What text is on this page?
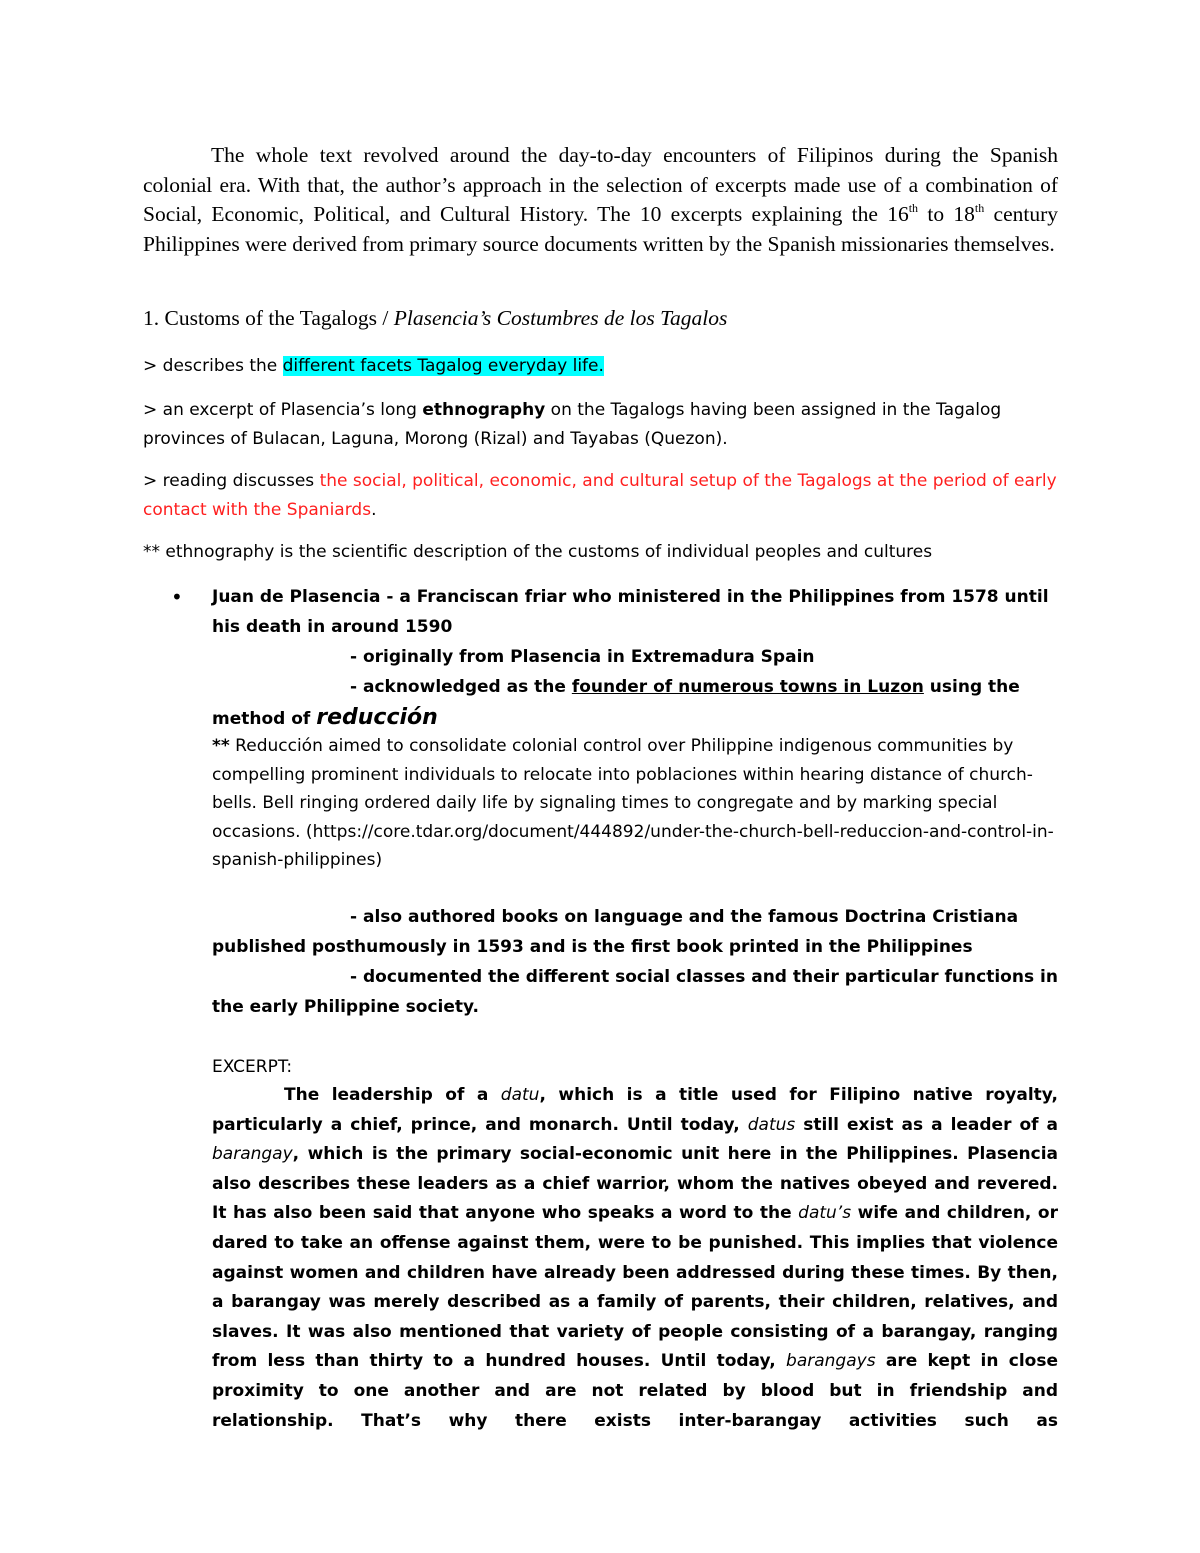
The whole text revolved around the day-to-day encounters of Filipinos during the Spanish colonial era. With that, the author’s approach in the selection of excerpts made use of a combination of Social, Economic, Political, and Cultural History. The 10 excerpts explaining the 16th to 18th century Philippines were derived from primary source documents written by the Spanish missionaries themselves.

1. Customs of the Tagalogs / Plasencia’s Costumbres de los Tagalos

> describes the different facets Tagalog everyday life.

> an excerpt of Plasencia’s long ethnography on the Tagalogs having been assigned in the Tagalog provinces of Bulacan, Laguna, Morong (Rizal) and Tayabas (Quezon).

> reading discusses the social, political, economic, and cultural setup of the Tagalogs at the period of early contact with the Spaniards.

** ethnography is the scientific description of the customs of individual peoples and cultures

• Juan de Plasencia - a Franciscan friar who ministered in the Philippines from 1578 until his death in around 1590

- originally from Plasencia in Extremadura Spain

- acknowledged as the founder of numerous towns in Luzon using the method of reducción

** Reducción aimed to consolidate colonial control over Philippine indigenous communities by compelling prominent individuals to relocate into poblaciones within hearing distance of church-bells. Bell ringing ordered daily life by signaling times to congregate and by marking special occasions. (https://core.tdar.org/document/444892/under-the-church-bell-reduccion-and-control-in-spanish-philippines)

- also authored books on language and the famous Doctrina Cristiana published posthumously in 1593 and is the first book printed in the Philippines

- documented the different social classes and their particular functions in the early Philippine society.

EXCERPT:

The leadership of a datu, which is a title used for Filipino native royalty, particularly a chief, prince, and monarch. Until today, datus still exist as a leader of a barangay, which is the primary social-economic unit here in the Philippines. Plasencia also describes these leaders as a chief warrior, whom the natives obeyed and revered. It has also been said that anyone who speaks a word to the datu’s wife and children, or dared to take an offense against them, were to be punished. This implies that violence against women and children have already been addressed during these times. By then, a barangay was merely described as a family of parents, their children, relatives, and slaves. It was also mentioned that variety of people consisting of a barangay, ranging from less than thirty to a hundred houses. Until today, barangays are kept in close proximity to one another and are not related by blood but in friendship and relationship. That’s why there exists inter-barangay activities such as
